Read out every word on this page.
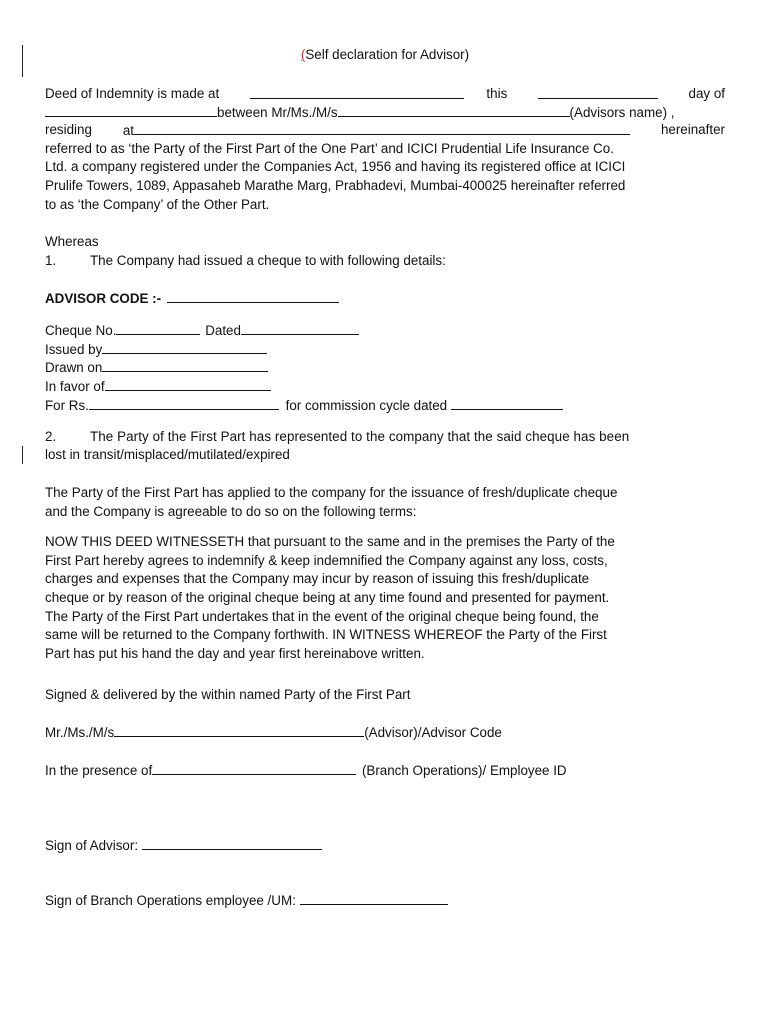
(Self declaration for Advisor)
Deed of Indemnity is made at	this	day of
between Mr/Ms./M/s	(Advisors name) ,
residing at	hereinafter
referred to as ‘the Party of the First Part of the One Part’ and ICICI Prudential Life Insurance Co.
Ltd. a company registered under the Companies Act, 1956 and having its registered office at ICICI
Prulife Towers, 1089, Appasaheb Marathe Marg, Prabhadevi, Mumbai-400025 hereinafter referred
to as ‘the Company’ of the Other Part.
Whereas
1.	The Company had issued a cheque to with following details:
ADVISOR CODE :-
Cheque No.	Dated
Issued by
Drawn on
In favor of
For Rs.	for commission cycle dated
2.	The Party of the First Part has represented to the company that the said cheque has been
lost in transit/misplaced/mutilated/expired
The Party of the First Part has applied to the company for the issuance of fresh/duplicate cheque
and the Company is agreeable to do so on the following terms:
NOW THIS DEED WITNESSETH that pursuant to the same and in the premises the Party of the
First Part hereby agrees to indemnify & keep indemnified the Company against any loss, costs,
charges and expenses that the Company may incur by reason of issuing this fresh/duplicate
cheque or by reason of the original cheque being at any time found and presented for payment.
The Party of the First Part undertakes that in the event of the original cheque being found, the
same will be returned to the Company forthwith. IN WITNESS WHEREOF the Party of the First
Part has put his hand the day and year first hereinabove written.
Signed & delivered by the within named Party of the First Part
Mr./Ms./M/s	(Advisor)/Advisor Code
In the presence of	(Branch Operations)/ Employee ID
Sign of Advisor:
Sign of Branch Operations employee /UM:
